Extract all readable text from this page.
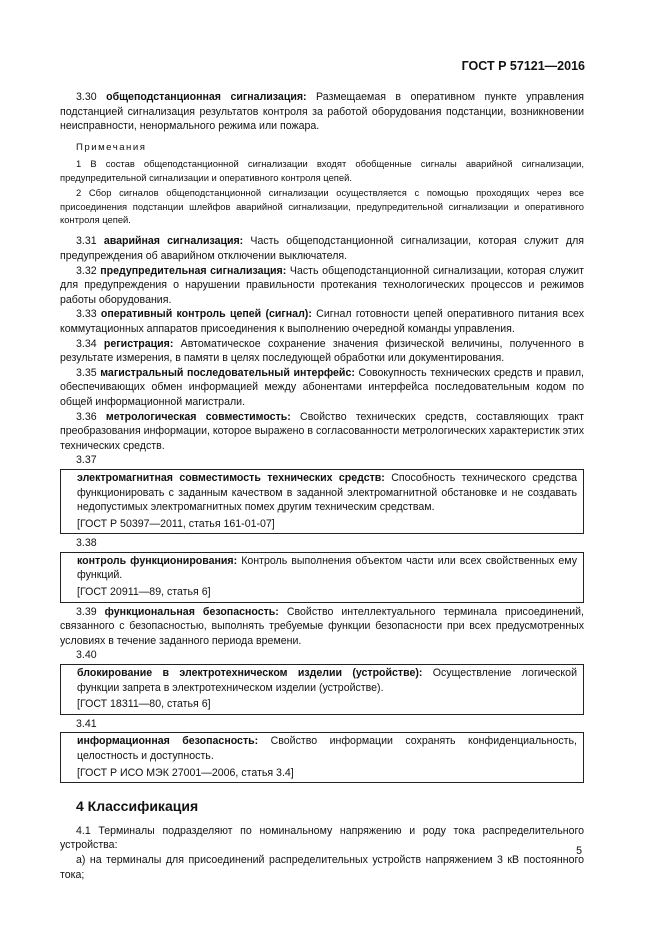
ГОСТ Р 57121—2016

3.30 общеподстанционная сигнализация: Размещаемая в оперативном пункте управления подстанцией сигнализация результатов контроля за работой оборудования подстанции, возникновении неисправности, ненормального режима или пожара.

Примечания
1 В состав общеподстанционной сигнализации входят обобщенные сигналы аварийной сигнализации, предупредительной сигнализации и оперативного контроля цепей.
2 Сбор сигналов общеподстанционной сигнализации осуществляется с помощью проходящих через все присоединения подстанции шлейфов аварийной сигнализации, предупредительной сигнализации и оперативного контроля цепей.

3.31 аварийная сигнализация: Часть общеподстанционной сигнализации, которая служит для предупреждения об аварийном отключении выключателя.

3.32 предупредительная сигнализация: Часть общеподстанционной сигнализации, которая служит для предупреждения о нарушении правильности протекания технологических процессов и режимов работы оборудования.

3.33 оперативный контроль цепей (сигнал): Сигнал готовности цепей оперативного питания всех коммутационных аппаратов присоединения к выполнению очередной команды управления.

3.34 регистрация: Автоматическое сохранение значения физической величины, полученного в результате измерения, в памяти в целях последующей обработки или документирования.

3.35 магистральный последовательный интерфейс: Совокупность технических средств и правил, обеспечивающих обмен информацией между абонентами интерфейса последовательным кодом по общей информационной магистрали.

3.36 метрологическая совместимость: Свойство технических средств, составляющих тракт преобразования информации, которое выражено в согласованности метрологических характеристик этих технических средств.

3.37

электромагнитная совместимость технических средств: Способность технического средства функционировать с заданным качеством в заданной электромагнитной обстановке и не создавать недопустимых электромагнитных помех другим техническим средствам.

[ГОСТ Р 50397—2011, статья 161-01-07]

3.38

контроль функционирования: Контроль выполнения объектом части или всех свойственных ему функций.

[ГОСТ 20911—89, статья 6]

3.39 функциональная безопасность: Свойство интеллектуального терминала присоединений, связанного с безопасностью, выполнять требуемые функции безопасности при всех предусмотренных условиях в течение заданного периода времени.

3.40

блокирование в электротехническом изделии (устройстве): Осуществление логической функции запрета в электротехническом изделии (устройстве).

[ГОСТ 18311—80, статья 6]

3.41

информационная безопасность: Свойство информации сохранять конфиденциальность, целостность и доступность.

[ГОСТ Р ИСО МЭК 27001—2006, статья 3.4]

4 Классификация

4.1 Терминалы подразделяют по номинальному напряжению и роду тока распределительного устройства:

а) на терминалы для присоединений распределительных устройств напряжением 3 кВ постоянного тока;

5
